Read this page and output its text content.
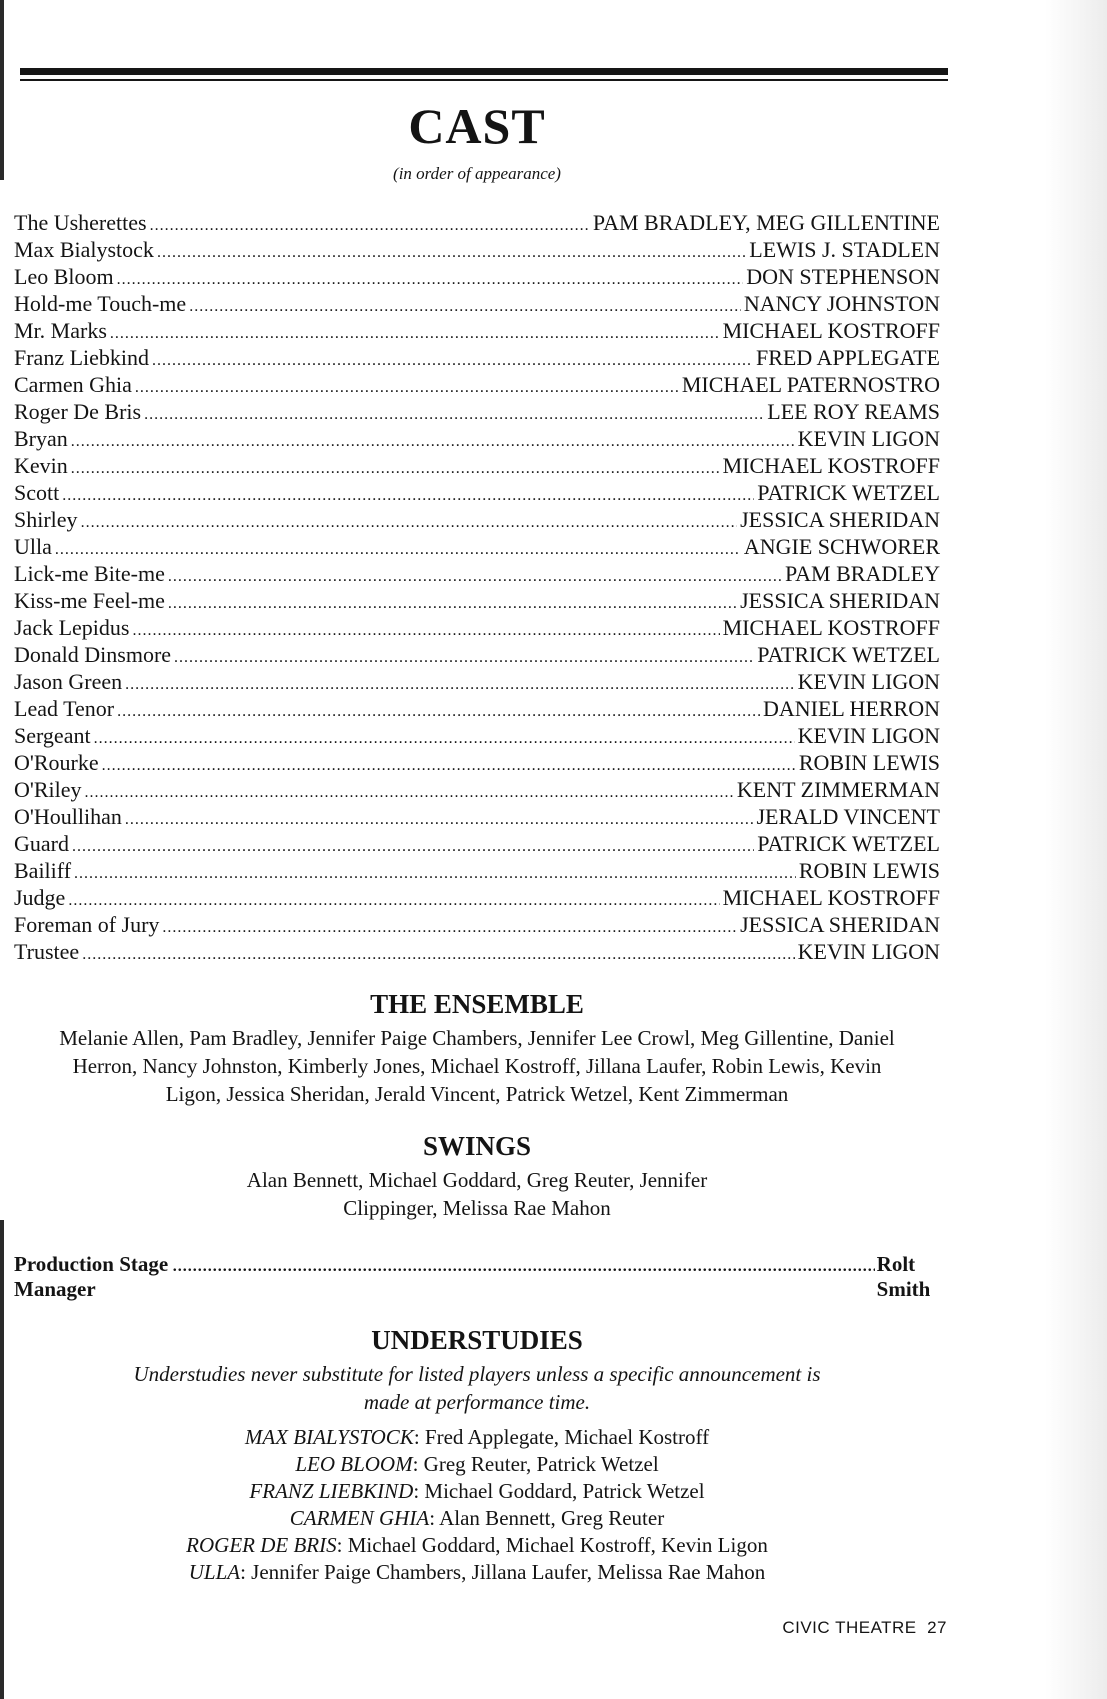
CAST
(in order of appearance)
The Usherettes .....	PAM BRADLEY, MEG GILLENTINE
Max Bialystock .....	LEWIS J. STADLEN
Leo Bloom .....	DON STEPHENSON
Hold-me Touch-me .....	NANCY JOHNSTON
Mr. Marks .....	MICHAEL KOSTROFF
Franz Liebkind .....	FRED APPLEGATE
Carmen Ghia .....	MICHAEL PATERNOSTRO
Roger De Bris .....	LEE ROY REAMS
Bryan .....	KEVIN LIGON
Kevin .....	MICHAEL KOSTROFF
Scott .....	PATRICK WETZEL
Shirley .....	JESSICA SHERIDAN
Ulla .....	ANGIE SCHWORER
Lick-me Bite-me .....	PAM BRADLEY
Kiss-me Feel-me .....	JESSICA SHERIDAN
Jack Lepidus .....	MICHAEL KOSTROFF
Donald Dinsmore .....	PATRICK WETZEL
Jason Green .....	KEVIN LIGON
Lead Tenor .....	DANIEL HERRON
Sergeant .....	KEVIN LIGON
O'Rourke .....	ROBIN LEWIS
O'Riley .....	KENT ZIMMERMAN
O'Houllihan .....	JERALD VINCENT
Guard .....	PATRICK WETZEL
Bailiff .....	ROBIN LEWIS
Judge .....	MICHAEL KOSTROFF
Foreman of Jury .....	JESSICA SHERIDAN
Trustee .....	KEVIN LIGON
THE ENSEMBLE
Melanie Allen, Pam Bradley, Jennifer Paige Chambers, Jennifer Lee Crowl, Meg Gillentine, Daniel Herron, Nancy Johnston, Kimberly Jones, Michael Kostroff, Jillana Laufer, Robin Lewis, Kevin Ligon, Jessica Sheridan, Jerald Vincent, Patrick Wetzel, Kent Zimmerman
SWINGS
Alan Bennett, Michael Goddard, Greg Reuter, Jennifer Clippinger, Melissa Rae Mahon
Production Stage Manager
.....
Rolt Smith
UNDERSTUDIES
Understudies never substitute for listed players unless a specific announcement is made at performance time.
MAX BIALYSTOCK: Fred Applegate, Michael Kostroff
LEO BLOOM: Greg Reuter, Patrick Wetzel
FRANZ LIEBKIND: Michael Goddard, Patrick Wetzel
CARMEN GHIA: Alan Bennett, Greg Reuter
ROGER DE BRIS: Michael Goddard, Michael Kostroff, Kevin Ligon
ULLA: Jennifer Paige Chambers, Jillana Laufer, Melissa Rae Mahon
CIVIC THEATRE  27
